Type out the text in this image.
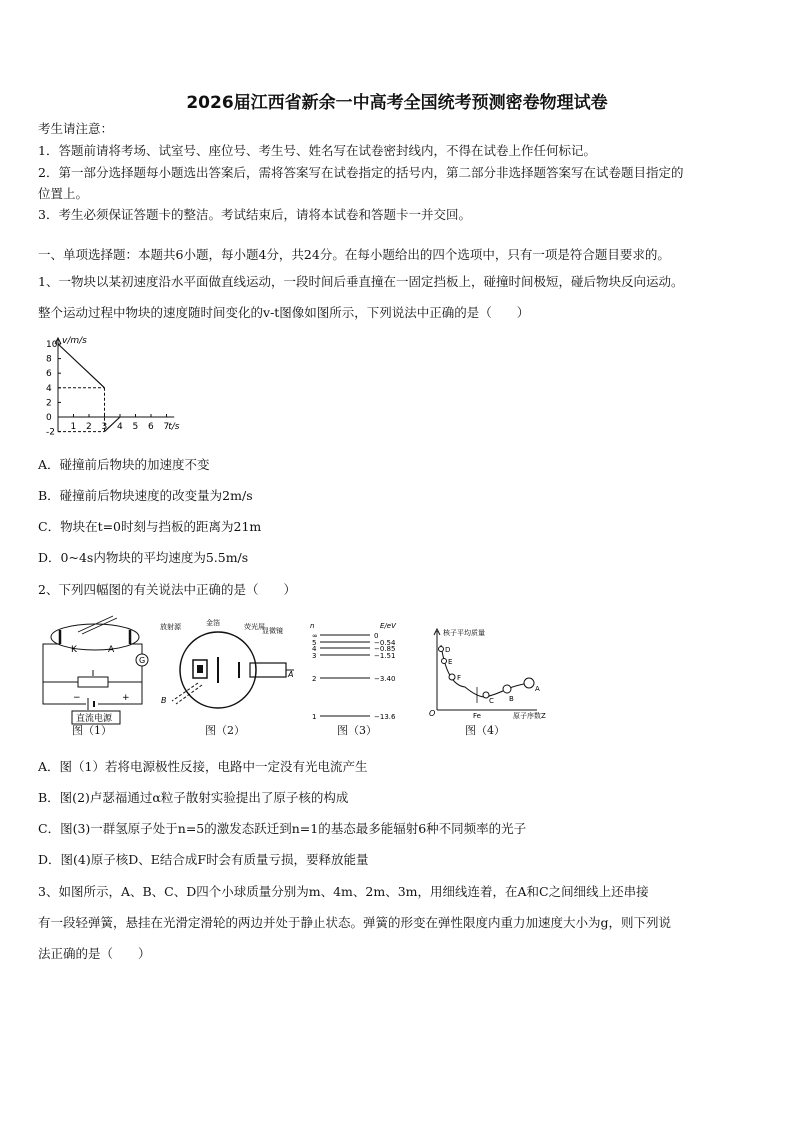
2026届江西省新余一中高考全国统考预测密卷物理试卷
考生请注意：
1．答题前请将考场、试室号、座位号、考生号、姓名写在试卷密封线内，不得在试卷上作任何标记。
2．第一部分选择题每小题选出答案后，需将答案写在试卷指定的括号内，第二部分非选择题答案写在试卷题目指定的
位置上。
3．考生必须保证答题卡的整洁。考试结束后，请将本试卷和答题卡一并交回。
一、单项选择题：本题共6小题，每小题4分，共24分。在每小题给出的四个选项中，只有一项是符合题目要求的。
1、一物块以某初速度沿水平面做直线运动，一段时间后垂直撞在一固定挡板上，碰撞时间极短，碰后物块反向运动。
整个运动过程中物块的速度随时间变化的v-t图像如图所示，下列说法中正确的是（　　）
-2
0
2
4
6
8
10
1 2 3 4 5 6 7 t/s
v/m/s
A．碰撞前后物块的加速度不变
B．碰撞前后物块速度的改变量为2m/s
C．物块在t=0时刻与挡板的距离为21m
D．0~4s内物块的平均速度为5.5m/s
2、下列四幅图的有关说法中正确的是（　　）
K	A
G
−	+
直流电源
图（1）
放射源	金箔	荧光屏
显微镜
A
B
图（2）
n	E/eV
∞	0
5	−0.54
4	−0.85
3	−1.51
2	−3.40
1	−13.6
图（3）
核子平均质量
原子序数Z
O	Fe
D
E
F
C B
A
图（4）
A．图（1）若将电源极性反接，电路中一定没有光电流产生
B．图(2)卢瑟福通过α粒子散射实验提出了原子核的构成
C．图(3)一群氢原子处于n=5的激发态跃迁到n=1的基态最多能辐射6种不同频率的光子
D．图(4)原子核D、E结合成F时会有质量亏损，要释放能量
3、如图所示，A、B、C、D四个小球质量分别为m、4m、2m、3m，用细线连着，在A和C之间细线上还串接
有一段轻弹簧，悬挂在光滑定滑轮的两边并处于静止状态。弹簧的形变在弹性限度内重力加速度大小为g，则下列说
法正确的是（　　）
